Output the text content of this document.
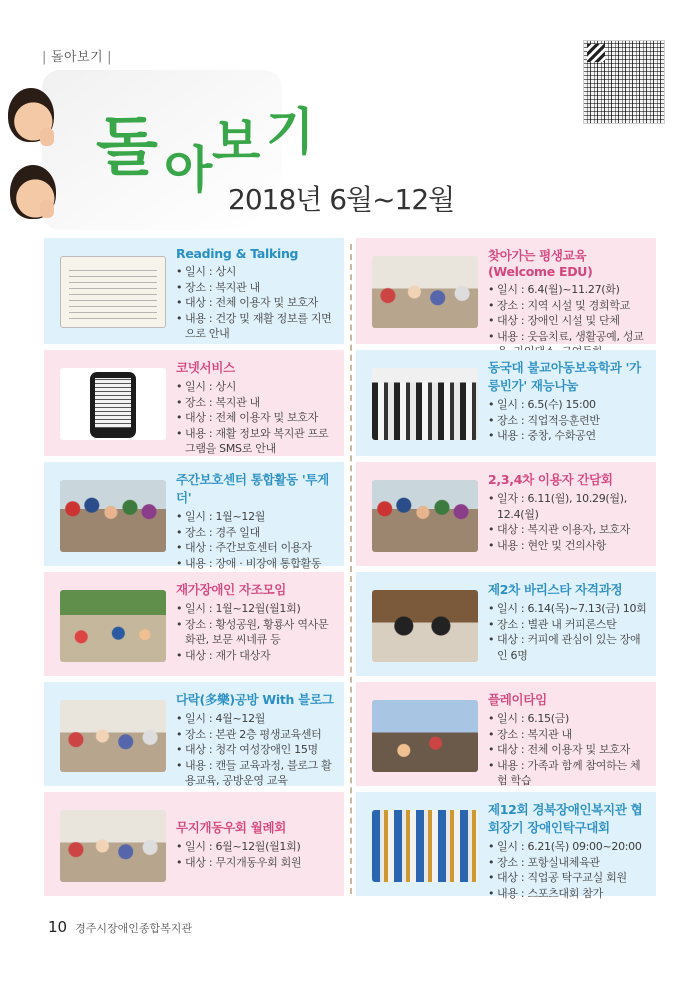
| 돌아보기 |
돌 아 보 기
2018년 6월~12월
Reading & Talking
• 일시 : 상시
• 장소 : 복지관 내
• 대상 : 전체 이용자 및 보호자
• 내용 : 건강 및 재활 정보를 지면으로 안내
코넷서비스
• 일시 : 상시
• 장소 : 복지관 내
• 대상 : 전체 이용자 및 보호자
• 내용 : 재활 정보와 복지관 프로그램을 SMS로 안내
주간보호센터 통합활동 '투게더'
• 일시 : 1월~12월
• 장소 : 경주 일대
• 대상 : 주간보호센터 이용자
• 내용 : 장애 · 비장애 통합활동
재가장애인 자조모임
• 일시 : 1월~12월(월1회)
• 장소 : 황성공원, 황룡사 역사문화관, 보문 씨네큐 등
• 대상 : 재가 대상자
다락(多樂)공방 With 블로그
• 일시 : 4월~12월
• 장소 : 본관 2층 평생교육센터
• 대상 : 청각 여성장애인 15명
• 내용 : 캔들 교육과정, 블로그 활용교육, 공방운영 교육
무지개동우회 월례회
• 일시 : 6월~12월(월1회)
• 대상 : 무지개동우회 회원
찾아가는 평생교육(Welcome EDU)
• 일시 : 6.4(월)~11.27(화)
• 장소 : 지역 시설 및 경희학교
• 대상 : 장애인 시설 및 단체
• 내용 : 웃음치료, 생활공예, 성교
동국대 불교아동보육학과 '가릉빈가' 재능나눔
• 일시 : 6.5(수) 15:00
• 장소 : 직업적응훈련반
• 내용 : 중창, 수화공연
2,3,4차 이용자 간담회
• 일자 : 6.11(월), 10.29(월), 12.4(월)
• 대상 : 복지관 이용자, 보호자
• 내용 : 현안 및 건의사항
제2차 바리스타 자격과정
• 일시 : 6.14(목)~7.13(금) 10회
• 장소 : 별관 내 커피론스탄
• 대상 : 커피에 관심이 있는 장애인 6명
플레이타임
• 일시 : 6.15(금)
• 장소 : 복지관 내
• 대상 : 전체 이용자 및 보호자
• 내용 : 가족과 함께 참여하는 체험 학습
제12회 경북장애인복지관 협회장기 장애인탁구대회
• 일시 : 6.21(목) 09:00~20:00
• 장소 : 포항실내체육관
• 대상 : 직업공 탁구교실 회원
• 내용 : 스포츠대회 참가
10 경주시장애인종합복지관
